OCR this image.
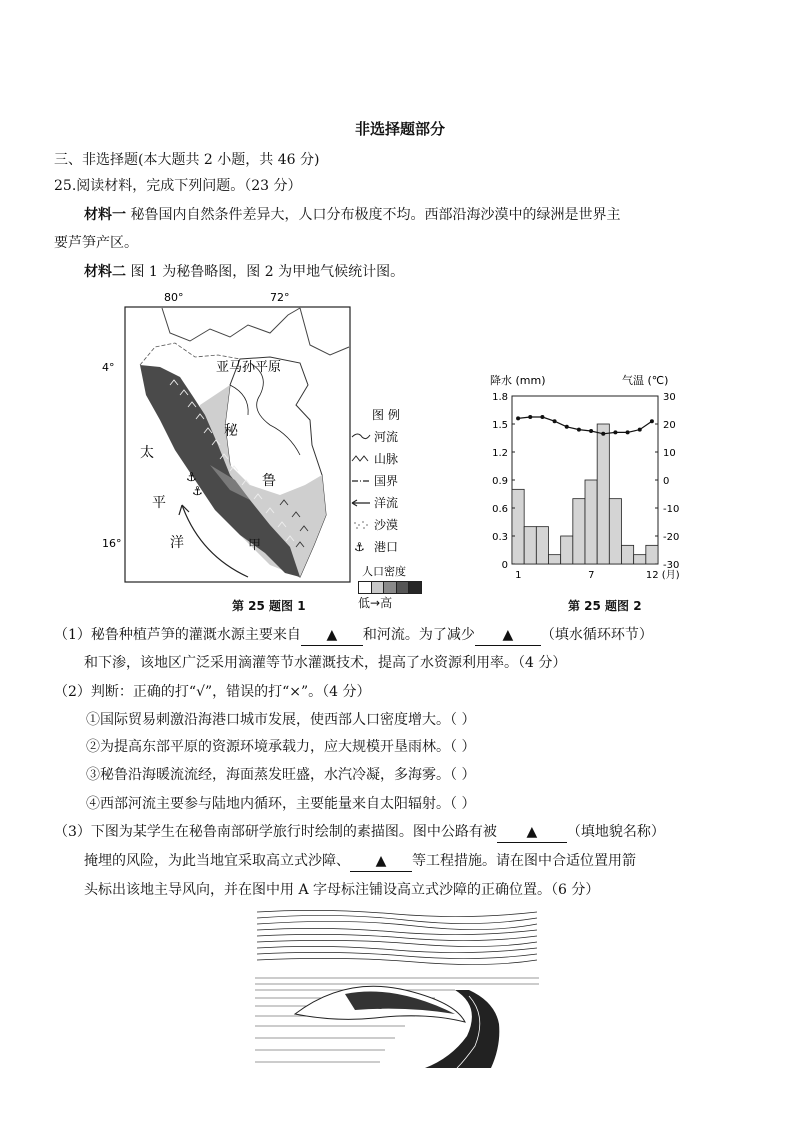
非选择题部分
三、非选择题(本大题共 2 小题，共 46 分)
25.阅读材料，完成下列问题。（23 分）
材料一 秘鲁国内自然条件差异大，人口分布极度不均。西部沿海沙漠中的绿洲是世界主
要芦笋产区。
材料二 图 1 为秘鲁略图，图 2 为甲地气候统计图。
80°	72°
4°
16°
⚓
⚓
亚马孙平原
秘
鲁
太
平
洋	甲
图 例
河流
山脉
国界
洋流
沙漠
⚓ 港口
人口密度
低→高
第 25 题图 1
降水 (mm)	气温 (℃)
1.8
1.5
1.2
0.9
0.6
0.3
0
30
20
10
0
-10
-20
-30
1	7	12 (月)
第 25 题图 2
（1）秘鲁种植芦笋的灌溉水源主要来自 ▲ 和河流。为了减少 ▲ （填水循环环节）
和下渗，该地区广泛采用滴灌等节水灌溉技术，提高了水资源利用率。（4 分）
（2）判断：正确的打“√”，错误的打“×”。（4 分）
①国际贸易刺激沿海港口城市发展，使西部人口密度增大。（ ）
②为提高东部平原的资源环境承载力，应大规模开垦雨林。（ ）
③秘鲁沿海暖流流经，海面蒸发旺盛，水汽冷凝，多海雾。（ ）
④西部河流主要参与陆地内循环，主要能量来自太阳辐射。（ ）
（3）下图为某学生在秘鲁南部研学旅行时绘制的素描图。图中公路有被 ▲ （填地貌名称）
掩埋的风险，为此当地宜采取高立式沙障、 ▲ 等工程措施。请在图中合适位置用箭
头标出该地主导风向，并在图中用 A 字母标注铺设高立式沙障的正确位置。（6 分）
